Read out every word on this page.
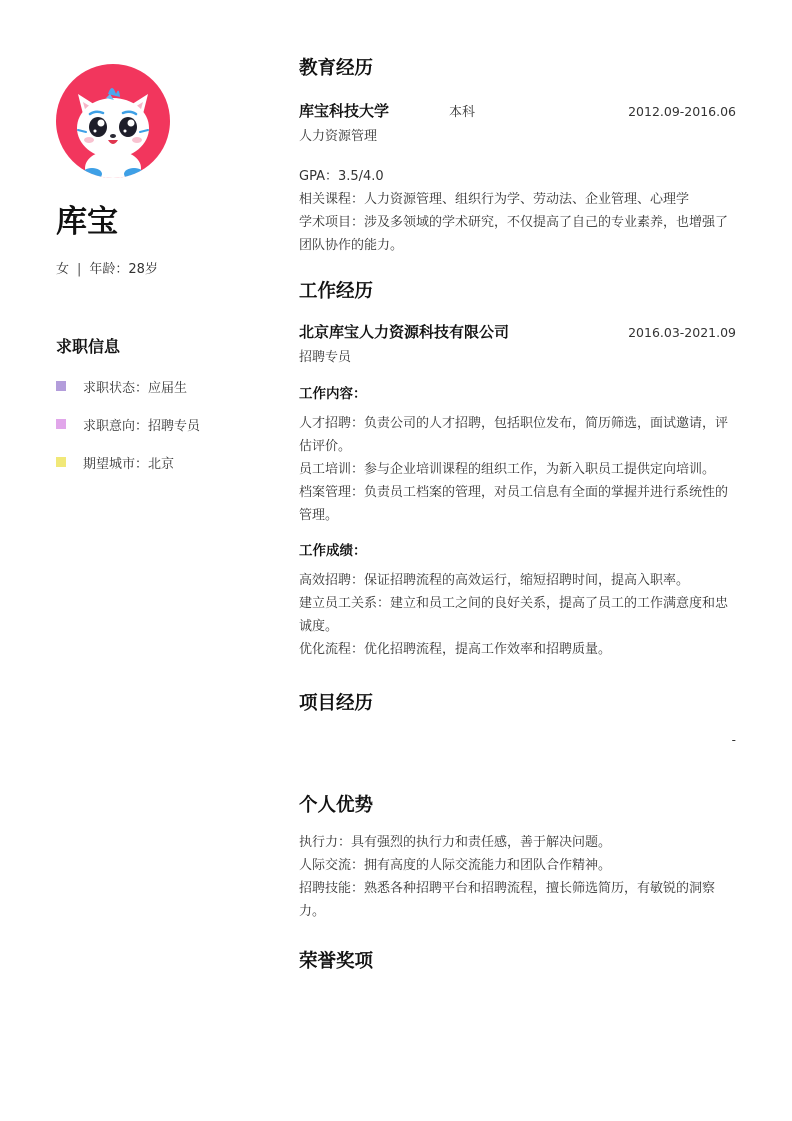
库宝
女 | 年龄：28岁
求职信息
求职状态：应届生
求职意向：招聘专员
期望城市：北京
教育经历
库宝科技大学	本科	2012.09-2016.06
人力资源管理
GPA：3.5/4.0
相关课程：人力资源管理、组织行为学、劳动法、企业管理、心理学
学术项目：涉及多领域的学术研究，不仅提高了自己的专业素养，也增强了团队协作的能力。
工作经历
北京库宝人力资源科技有限公司	2016.03-2021.09
招聘专员
工作内容：
人才招聘：负责公司的人才招聘，包括职位发布，简历筛选，面试邀请，评估评价。
员工培训：参与企业培训课程的组织工作，为新入职员工提供定向培训。
档案管理：负责员工档案的管理，对员工信息有全面的掌握并进行系统性的管理。
工作成绩：
高效招聘：保证招聘流程的高效运行，缩短招聘时间，提高入职率。
建立员工关系：建立和员工之间的良好关系，提高了员工的工作满意度和忠诚度。
优化流程：优化招聘流程，提高工作效率和招聘质量。
项目经历
-
个人优势
执行力：具有强烈的执行力和责任感，善于解决问题。
人际交流：拥有高度的人际交流能力和团队合作精神。
招聘技能：熟悉各种招聘平台和招聘流程，擅长筛选简历，有敏锐的洞察力。
荣誉奖项
